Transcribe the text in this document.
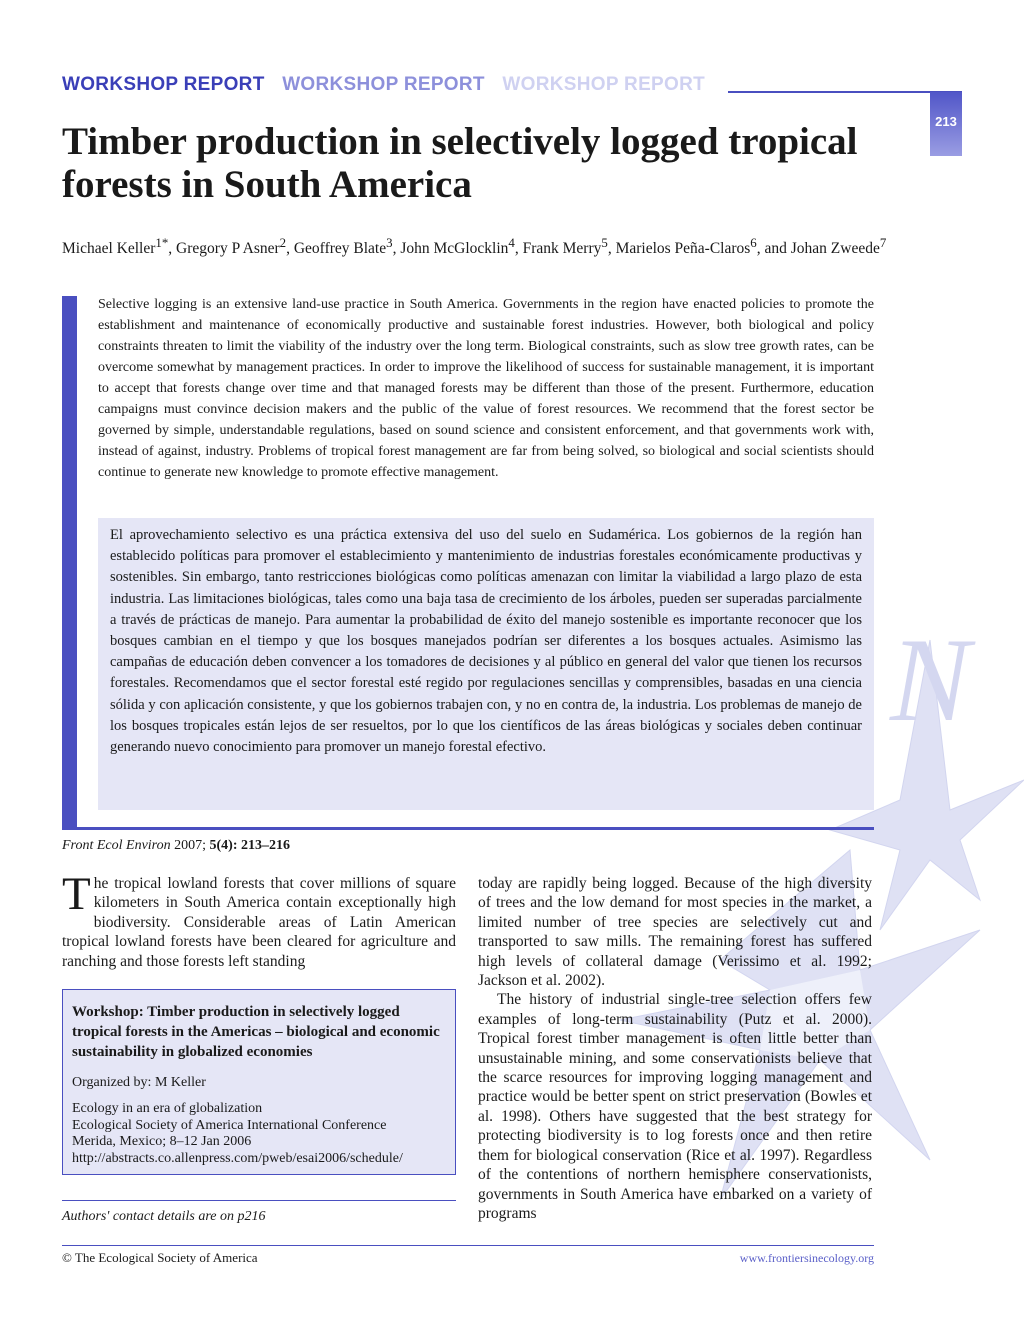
N
WORKSHOP REPORT WORKSHOP REPORT WORKSHOP REPORT
213
Timber production in selectively logged tropical forests in South America
Michael Keller$^{1*}$, Gregory P Asner$^2$, Geoffrey Blate$^3$, John McGlocklin$^4$, Frank Merry$^5$, Marielos Peña-Claros$^6$, and Johan Zweede$^7$

Selective logging is an extensive land-use practice in South America. Governments in the region have enacted policies to promote the establishment and maintenance of economically productive and sustainable forest industries. However, both biological and policy constraints threaten to limit the viability of the industry over the long term. Biological constraints, such as slow tree growth rates, can be overcome somewhat by management practices. In order to improve the likelihood of success for sustainable management, it is important to accept that forests change over time and that managed forests may be different than those of the present. Furthermore, education campaigns must convince decision makers and the public of the value of forest resources. We recommend that the forest sector be governed by simple, understandable regulations, based on sound science and consistent enforcement, and that governments work with, instead of against, industry. Problems of tropical forest management are far from being solved, so biological and social scientists should continue to generate new knowledge to promote effective management.

El aprovechamiento selectivo es una práctica extensiva del uso del suelo en Sudamérica. Los gobiernos de la región han establecido políticas para promover el establecimiento y mantenimiento de industrias forestales económicamente productivas y sostenibles. Sin embargo, tanto restricciones biológicas como políticas amenazan con limitar la viabilidad a largo plazo de esta industria. Las limitaciones biológicas, tales como una baja tasa de crecimiento de los árboles, pueden ser superadas parcialmente a través de prácticas de manejo. Para aumentar la probabilidad de éxito del manejo sostenible es importante reconocer que los bosques cambian en el tiempo y que los bosques manejados podrían ser diferentes a los bosques actuales. Asimismo las campañas de educación deben convencer a los tomadores de decisiones y al público en general del valor que tienen los recursos forestales. Recomendamos que el sector forestal esté regido por regulaciones sencillas y comprensibles, basadas en una ciencia sólida y con aplicación consistente, y que los gobiernos trabajen con, y no en contra de, la industria. Los problemas de manejo de los bosques tropicales están lejos de ser resueltos, por lo que los científicos de las áreas biológicas y sociales deben continuar generando nuevo conocimiento para promover un manejo forestal efectivo.

Front Ecol Environ 2007; 5(4): 213–216

The tropical lowland forests that cover millions of square kilometers in South America contain exceptionally high biodiversity. Considerable areas of Latin American tropical lowland forests have been cleared for agriculture and ranching and those forests left standing

Workshop: Timber production in selectively logged tropical forests in the Americas – biological and economic sustainability in globalized economies

Organized by: M Keller

Ecology in an era of globalization
Ecological Society of America International Conference
Merida, Mexico; 8–12 Jan 2006
http://abstracts.co.allenpress.com/pweb/esai2006/schedule/
Authors' contact details are on p216

today are rapidly being logged. Because of the high diversity of trees and the low demand for most species in the market, a limited number of tree species are selectively cut and transported to saw mills. The remaining forest has suffered high levels of collateral damage (Verissimo et al. 1992; Jackson et al. 2002).

The history of industrial single-tree selection offers few examples of long-term sustainability (Putz et al. 2000). Tropical forest timber management is often little better than unsustainable mining, and some conservationists believe that the scarce resources for improving logging management and practice would be better spent on strict preservation (Bowles et al. 1998). Others have suggested that the best strategy for protecting biodiversity is to log forests once and then retire them for biological conservation (Rice et al. 1997). Regardless of the contentions of northern hemisphere conservationists, governments in South America have embarked on a variety of programs

© The Ecological Society of America	www.frontiersinecology.org
